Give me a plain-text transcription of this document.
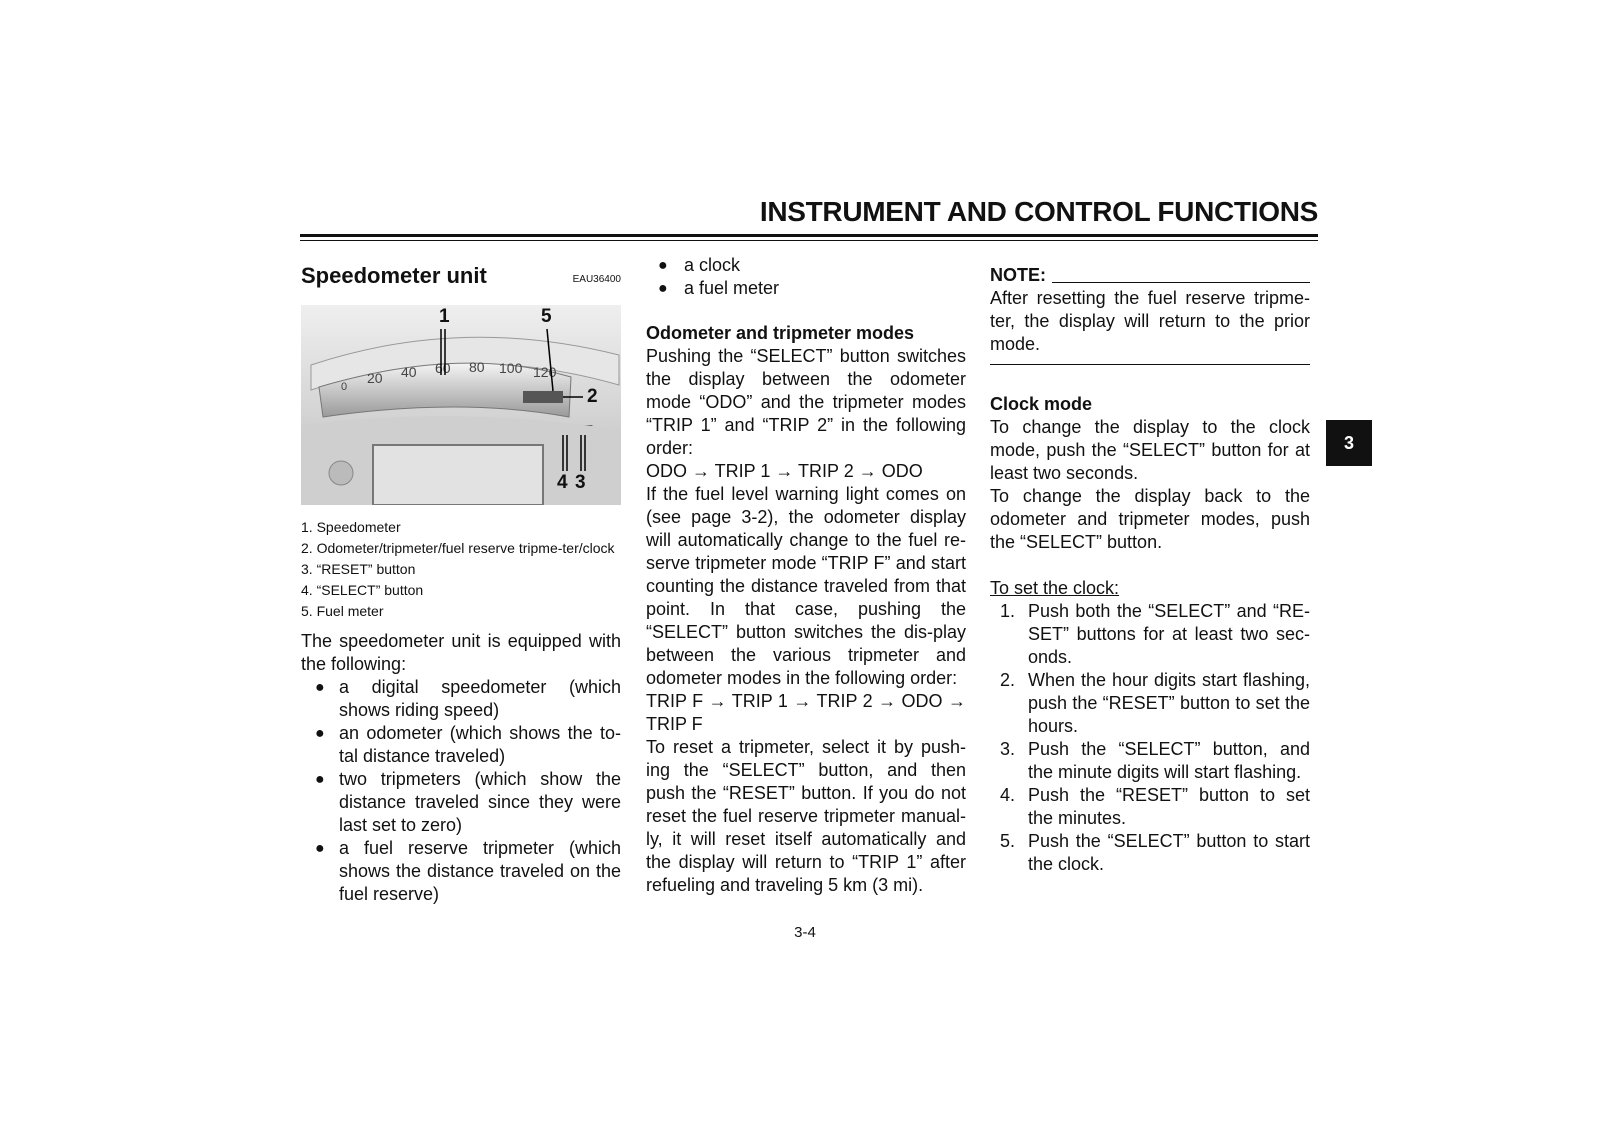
INSTRUMENT AND CONTROL FUNCTIONS
3
Speedometer unit	EAU36400
0
20 40 60 80 100 120
1	5
2
4 3
1. Speedometer
2. Odometer/tripmeter/fuel reserve tripme-ter/clock
3. “RESET” button
4. “SELECT” button
5. Fuel meter

The speedometer unit is equipped with the following:

● a digital speedometer (which shows riding speed)
● an odometer (which shows the to-tal distance traveled)
● two tripmeters (which show the distance traveled since they were last set to zero)
● a fuel reserve tripmeter (which shows the distance traveled on the fuel reserve)
● a clock
● a fuel meter
Odometer and tripmeter modes

Pushing the “SELECT” button switches the display between the odometer mode “ODO” and the tripmeter modes “TRIP 1” and “TRIP 2” in the following order:

ODO → TRIP 1 → TRIP 2 → ODO

If the fuel level warning light comes on (see page 3-2), the odometer display will automatically change to the fuel re-serve tripmeter mode “TRIP F” and start counting the distance traveled from that point. In that case, pushing the “SELECT” button switches the dis-play between the various tripmeter and odometer modes in the following order:

TRIP F → TRIP 1 → TRIP 2 → ODO → TRIP F

To reset a tripmeter, select it by push-ing the “SELECT” button, and then push the “RESET” button. If you do not reset the fuel reserve tripmeter manual-ly, it will reset itself automatically and the display will return to “TRIP 1” after refueling and traveling 5 km (3 mi).

NOTE:

After resetting the fuel reserve tripme-ter, the display will return to the prior mode.

Clock mode

To change the display to the clock mode, push the “SELECT” button for at least two seconds.

To change the display back to the odometer and tripmeter modes, push the “SELECT” button.

To set the clock:

1. Push both the “SELECT” and “RE-SET” buttons for at least two sec-onds.
2. When the hour digits start flashing, push the “RESET” button to set the hours.
3. Push the “SELECT” button, and the minute digits will start flashing.
4. Push the “RESET” button to set the minutes.
5. Push the “SELECT” button to start the clock.
3-4
